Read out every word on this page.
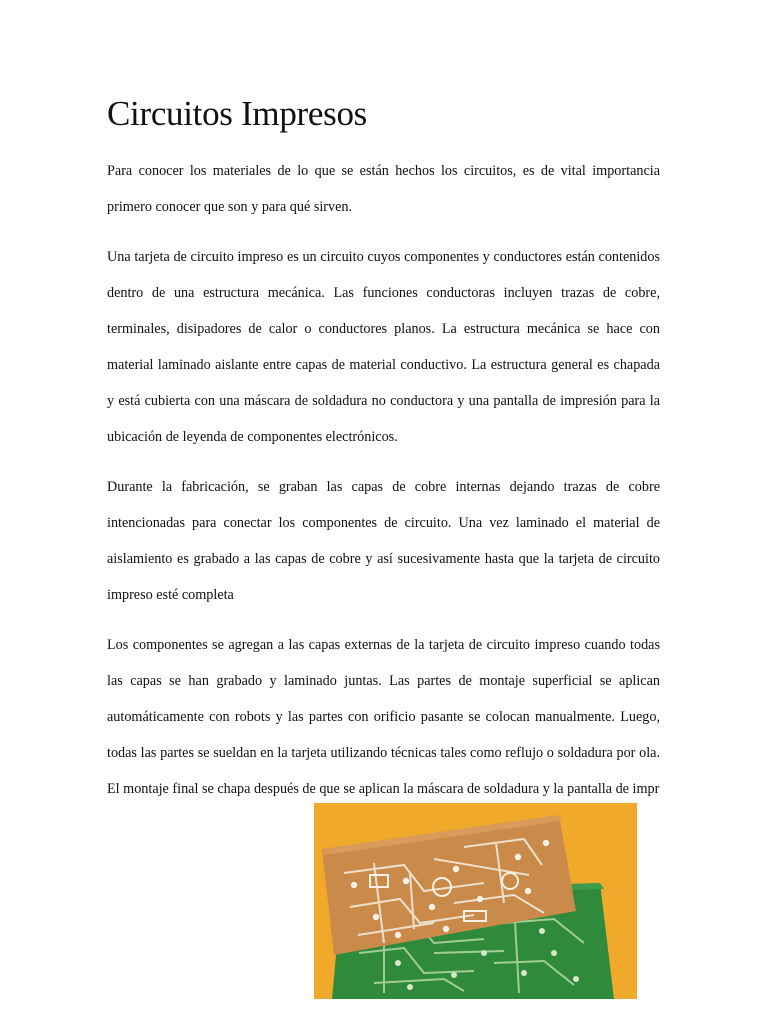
Circuitos Impresos

Para conocer los materiales de lo que se están hechos los circuitos, es de vital importancia primero conocer que son y para qué sirven.

Una tarjeta de circuito impreso es un circuito cuyos componentes y conductores están contenidos dentro de una estructura mecánica. Las funciones conductoras incluyen trazas de cobre, terminales, disipadores de calor o conductores planos. La estructura mecánica se hace con material laminado aislante entre capas de material conductivo. La estructura general es chapada y está cubierta con una máscara de soldadura no conductora y una pantalla de impresión para la ubicación de leyenda de componentes electrónicos.

Durante la fabricación, se graban las capas de cobre internas dejando trazas de cobre intencionadas para conectar los componentes de circuito. Una vez laminado el material de aislamiento es grabado a las capas de cobre y así sucesivamente hasta que la tarjeta de circuito impreso esté completa

Los componentes se agregan a las capas externas de la tarjeta de circuito impreso cuando todas las capas se han grabado y laminado juntas. Las partes de montaje superficial se aplican automáticamente con robots y las partes con orificio pasante se colocan manualmente. Luego, todas las partes se sueldan en la tarjeta utilizando técnicas tales como reflujo o soldadura por ola. El montaje final se chapa después de que se aplican la máscara de soldadura y la pantalla de impr
